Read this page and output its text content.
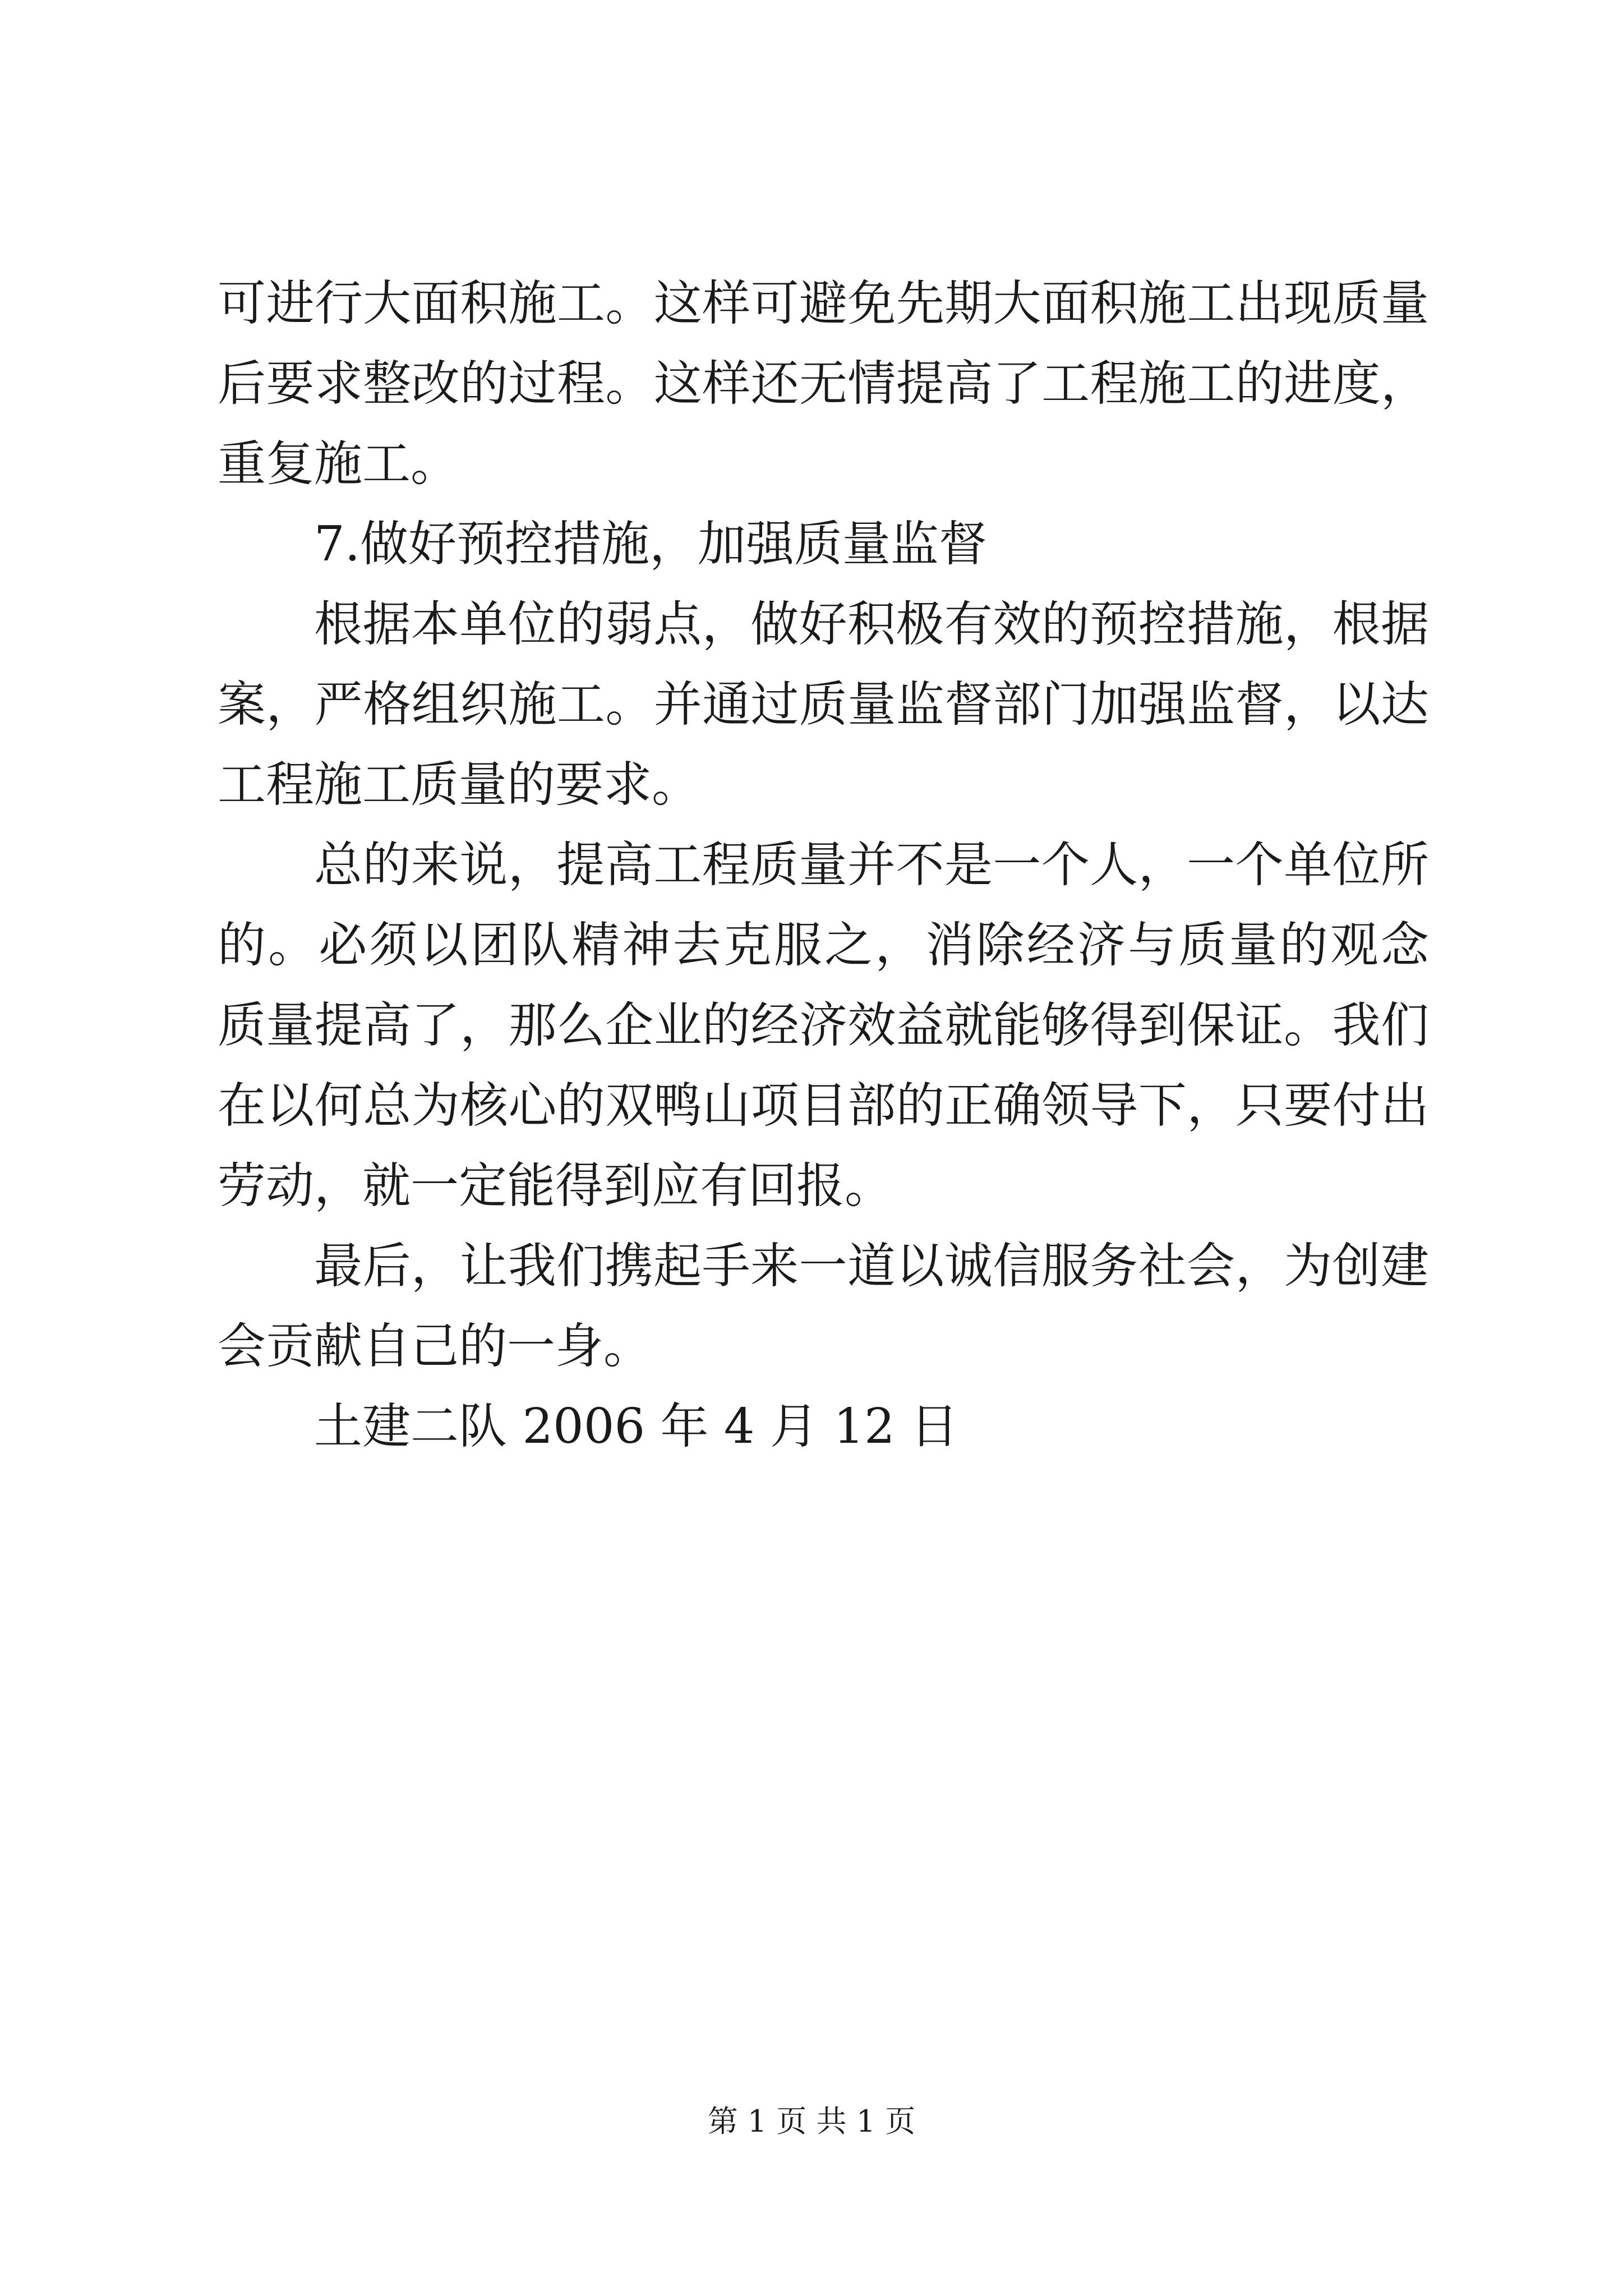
可进行大面积施工。这样可避免先期大面积施工出现质量
后要求整改的过程。这样还无情提高了工程施工的进度，
重复施工。
7.做好预控措施，加强质量监督
根据本单位的弱点，做好积极有效的预控措施，根据
案，严格组织施工。并通过质量监督部门加强监督，以达
工程施工质量的要求。
总的来说，提高工程质量并不是一个人，一个单位所
的。必须以团队精神去克服之，消除经济与质量的观念
质量提高了，那么企业的经济效益就能够得到保证。我们
在以何总为核心的双鸭山项目部的正确领导下，只要付出
劳动，就一定能得到应有回报。
最后，让我们携起手来一道以诚信服务社会，为创建
会贡献自己的一身。
土建二队 2006 年 4 月 12 日
第 1 页 共 1 页
